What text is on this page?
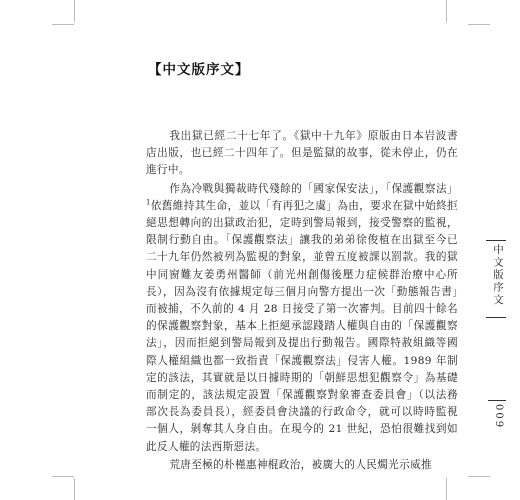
【中文版序文】

我出獄已經二十七年了。《獄中十九年》原版由日本岩波書店出版，也已經二十四年了。但是監獄的故事，從未停止，仍在進行中。

作為冷戰與獨裁時代殘餘的「國家保安法」，「保護觀察法」$^1$依舊維持其生命，並以「有再犯之虞」為由，要求在獄中始終拒絕思想轉向的出獄政治犯，定時到警局報到，接受警察的監視，限制行動自由。「保護觀察法」讓我的弟弟徐俊植在出獄至今已二十九年仍然被列為監視的對象，並曾五度被課以罰款。我的獄中同窗難友姜勇州醫師（前光州創傷後壓力症候群治療中心所長），因為沒有依據規定每三個月向警方提出一次「動態報告書」而被捕，不久前的 4 月 28 日接受了第一次審判。目前四十餘名的保護觀察對象，基本上拒絕承認踐踏人權與自由的「保護觀察法」，因而拒絕到警局報到及提出行動報告。國際特赦組織等國際人權組織也都一致指責「保護觀察法」侵害人權。1989 年制定的該法，其實就是以日據時期的「朝鮮思想犯觀察令」為基礎而制定的，該法規定設置「保護觀察對象審查委員會」（以法務部次長為委員長），經委員會決議的行政命令，就可以時時監視一個人，剝奪其人身自由。在現今的 21 世紀，恐怕很難找到如此反人權的法西斯惡法。

荒唐至極的朴槿惠神棍政治，被廣大的人民燭光示威推

中文版序文
009
